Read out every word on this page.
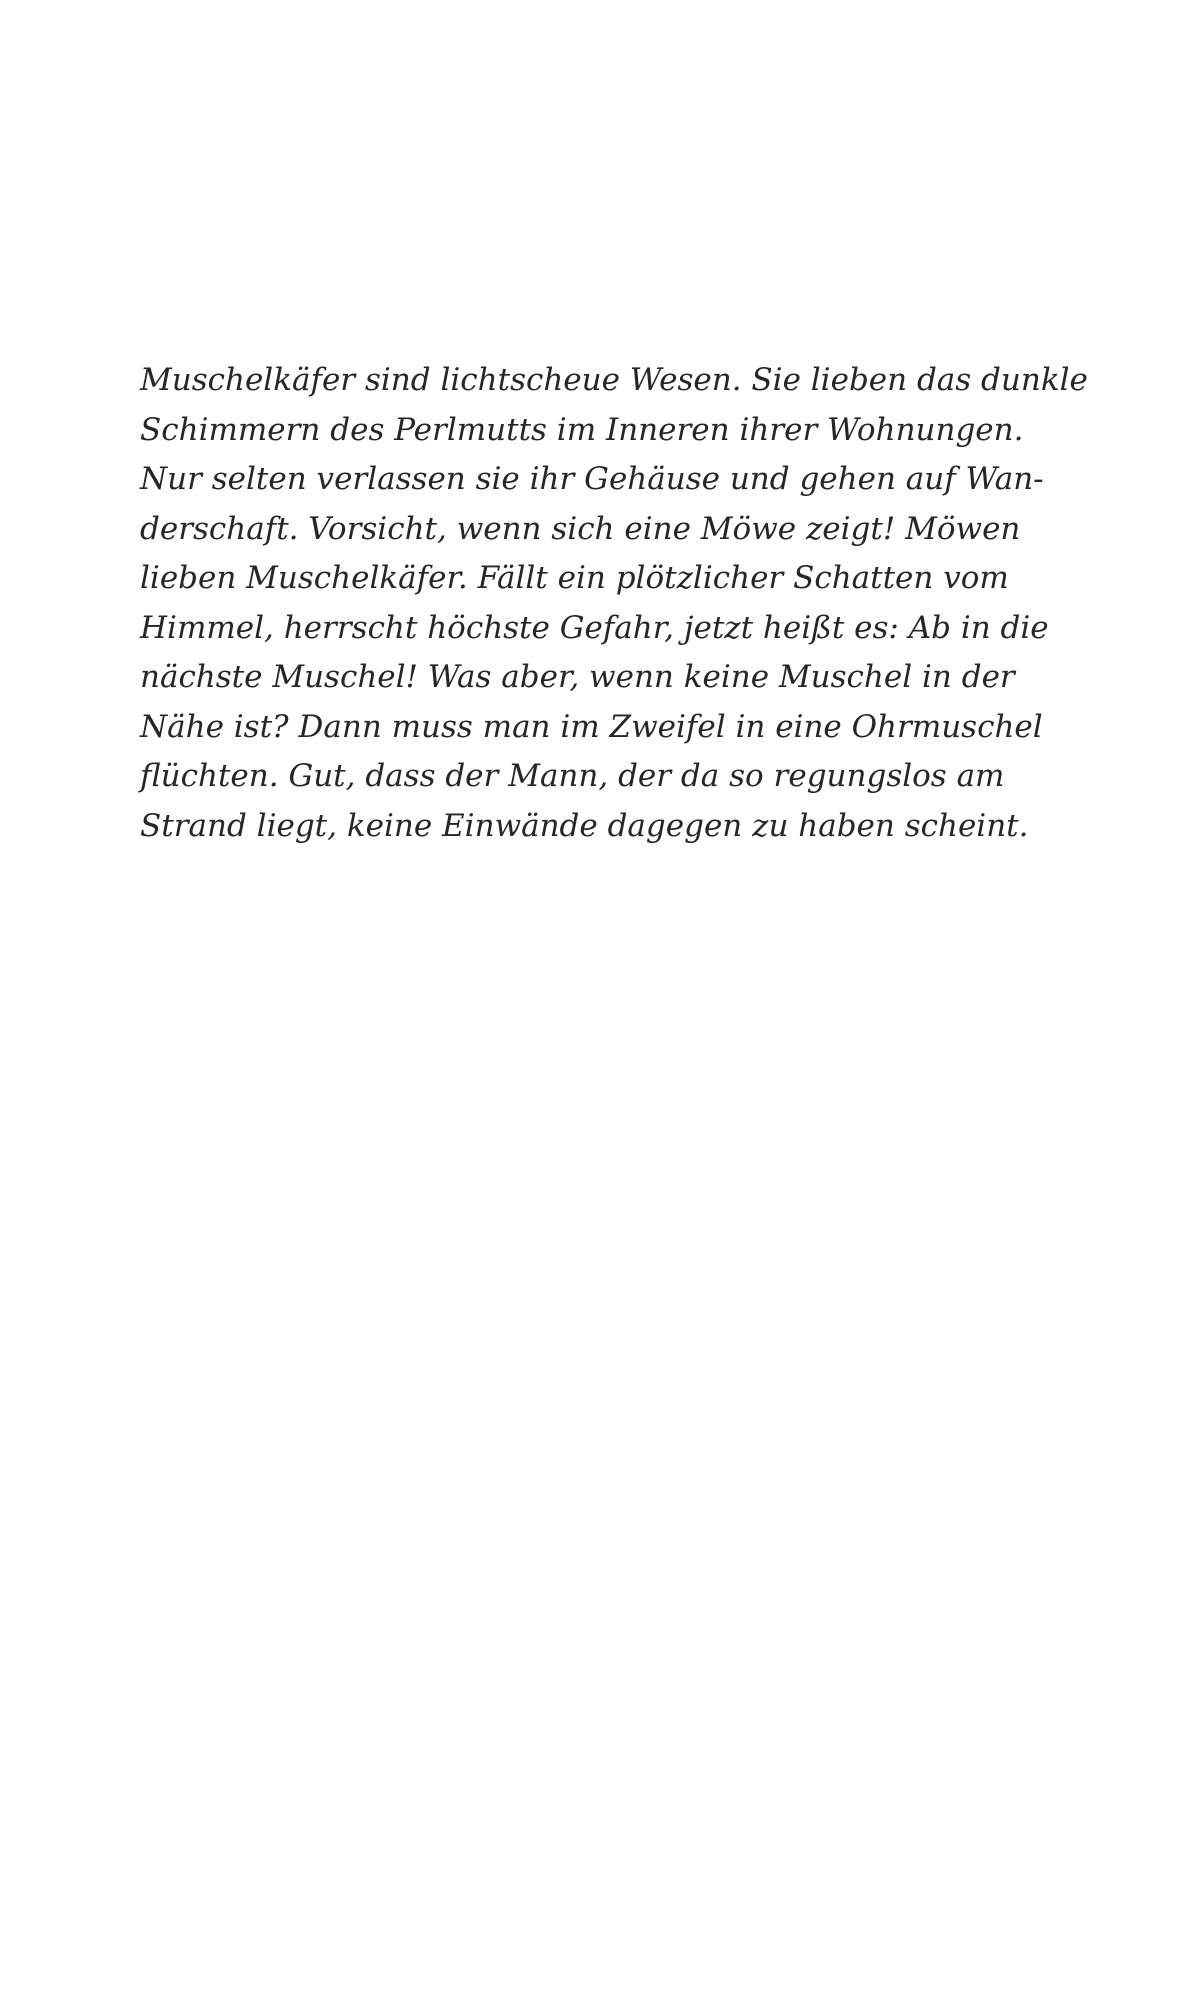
Muschelkäfer sind lichtscheue Wesen. Sie lieben das dunkle
Schimmern des Perlmutts im Inneren ihrer Wohnungen.
Nur selten verlassen sie ihr Gehäuse und gehen auf Wan-
derschaft. Vorsicht, wenn sich eine Möwe zeigt! Möwen
lieben Muschelkäfer. Fällt ein plötzlicher Schatten vom
Himmel, herrscht höchste Gefahr, jetzt heißt es: Ab in die
nächste Muschel! Was aber, wenn keine Muschel in der
Nähe ist? Dann muss man im Zweifel in eine Ohrmuschel
flüchten. Gut, dass der Mann, der da so regungslos am
Strand liegt, keine Einwände dagegen zu haben scheint.
